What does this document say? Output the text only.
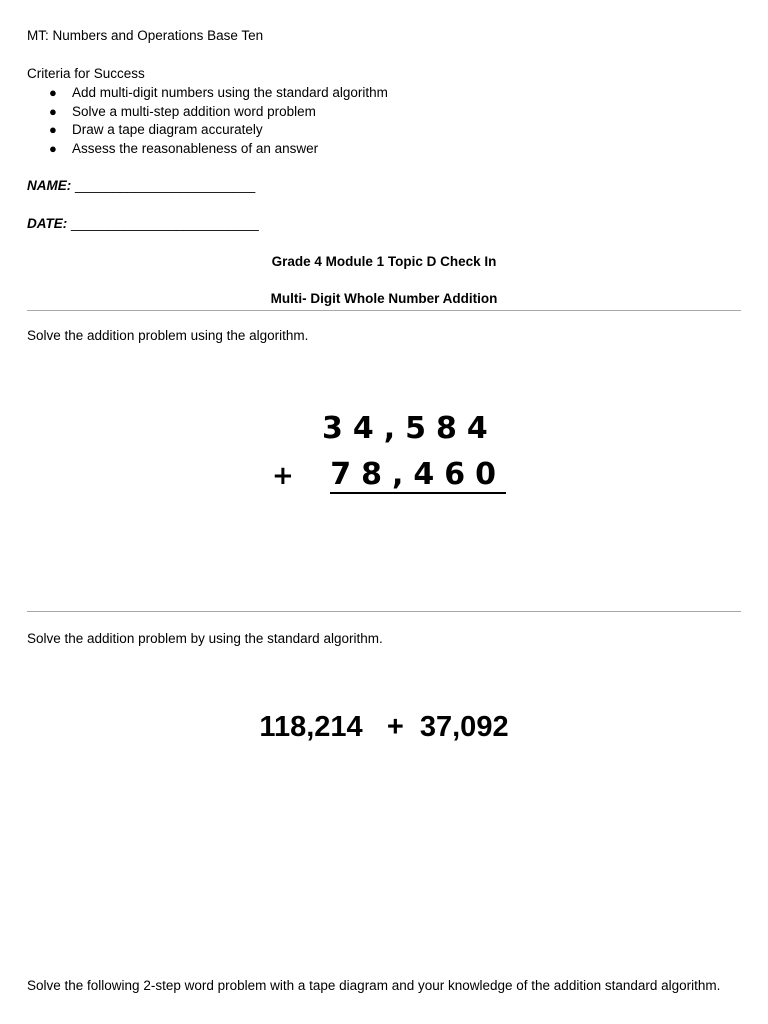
MT: Numbers and Operations Base Ten
Criteria for Success
● Add multi-digit numbers using the standard algorithm
● Solve a multi-step addition word problem
● Draw a tape diagram accurately
● Assess the reasonableness of an answer
NAME: ________________________
DATE: _________________________
Grade 4 Module 1 Topic D Check In
Multi- Digit Whole Number Addition
Solve the addition problem using the algorithm.
34,584
+ 78,460
Solve the addition problem by using the standard algorithm.
118,214   +  37,092
Solve the following 2-step word problem with a tape diagram and your knowledge of the addition standard algorithm.
